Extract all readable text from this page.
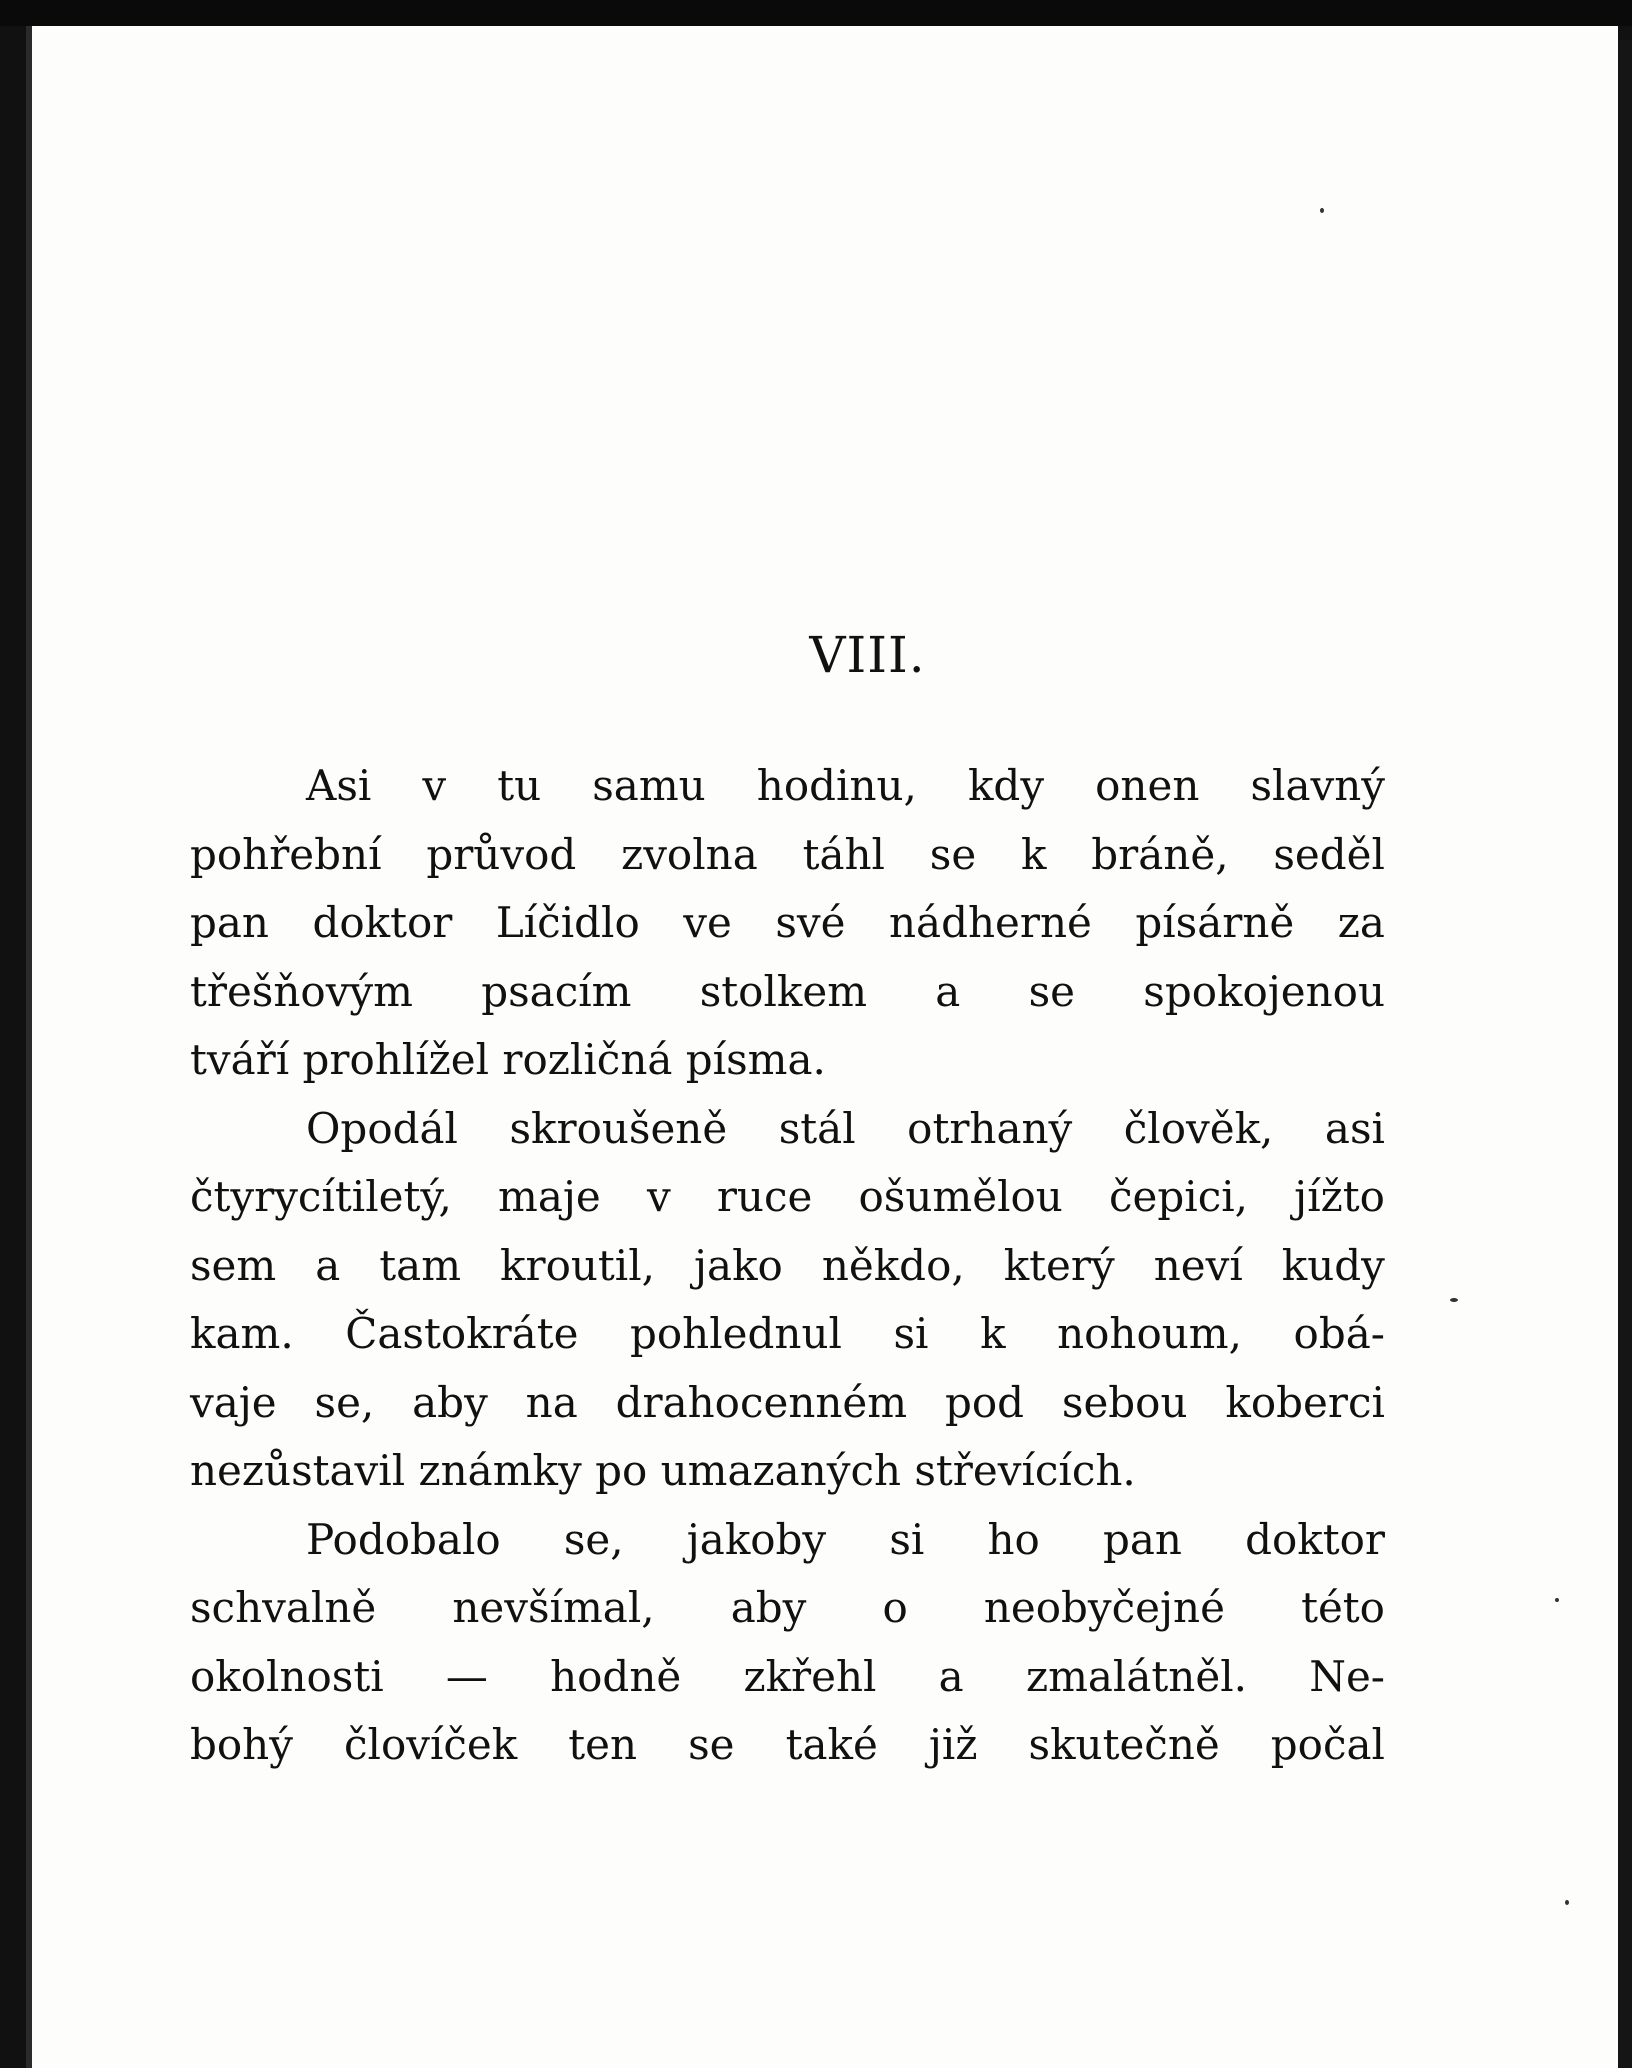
VIII.
Asi v tu samu hodinu, kdy onen slavný
pohřební průvod zvolna táhl se k bráně, seděl
pan doktor Líčidlo ve své nádherné písárně za
třešňovým psacím stolkem a se spokojenou
tváří prohlížel rozličná písma.
Opodál skroušeně stál otrhaný člověk, asi
čtyrycítiletý, maje v ruce ošumělou čepici, jížto
sem a tam kroutil, jako někdo, který neví kudy
kam. Častokráte pohlednul si k nohoum, obá-
vaje se, aby na drahocenném pod sebou koberci
nezůstavil známky po umazaných střevících.
Podobalo se, jakoby si ho pan doktor
schvalně nevšímal, aby o neobyčejné této
okolnosti — hodně zkřehl a zmalátněl. Ne-
bohý človíček ten se také již skutečně počal
